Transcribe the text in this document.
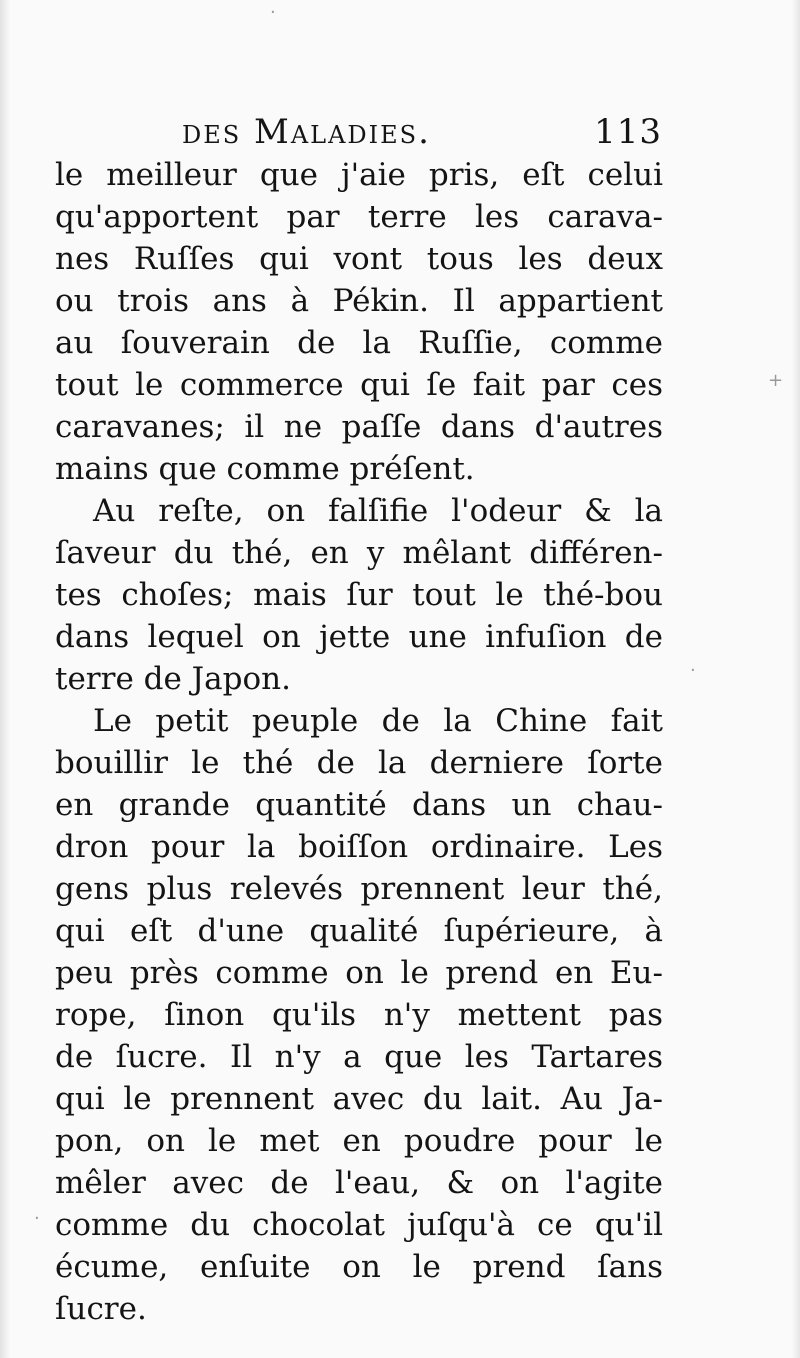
·
+
·
·
des Maladies.	113
le meilleur que j'aie pris, eſt celui
qu'apportent par terre les carava-
nes Ruſſes qui vont tous les deux
ou trois ans à Pékin. Il appartient
au ſouverain de la Ruſſie, comme
tout le commerce qui ſe fait par ces
caravanes; il ne paſſe dans d'autres
mains que comme préſent.
Au reſte, on falſifie l'odeur & la
ſaveur du thé, en y mêlant différen-
tes choſes; mais ſur tout le thé-bou
dans lequel on jette une infuſion de
terre de Japon.
Le petit peuple de la Chine fait
bouillir le thé de la derniere ſorte
en grande quantité dans un chau-
dron pour la boiſſon ordinaire. Les
gens plus relevés prennent leur thé,
qui eſt d'une qualité ſupérieure, à
peu près comme on le prend en Eu-
rope, ſinon qu'ils n'y mettent pas
de ſucre. Il n'y a que les Tartares
qui le prennent avec du lait. Au Ja-
pon, on le met en poudre pour le
mêler avec de l'eau, & on l'agite
comme du chocolat juſqu'à ce qu'il
écume, enſuite on le prend ſans
ſucre.
